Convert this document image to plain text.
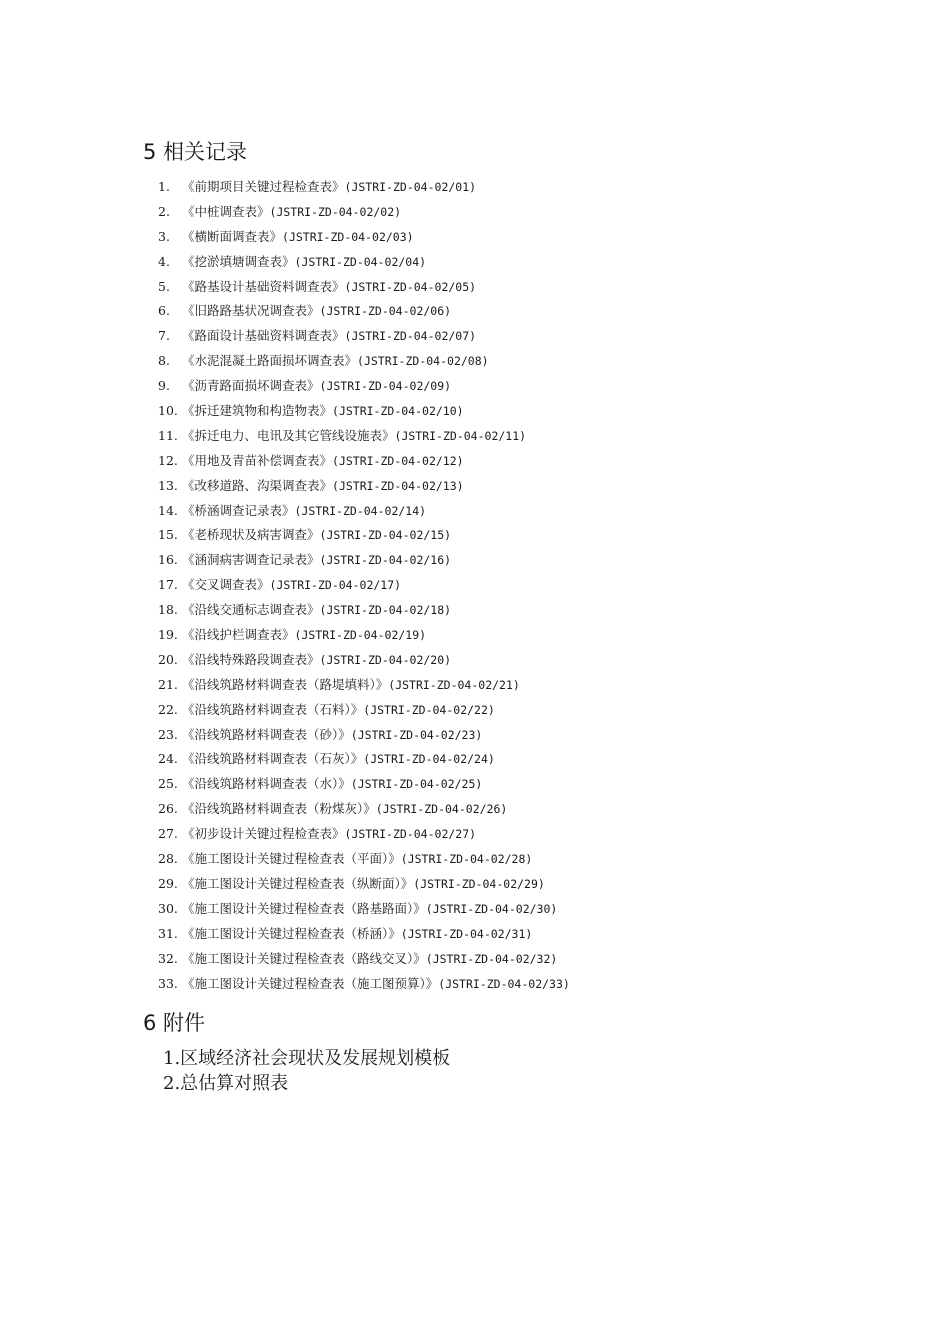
5 相关记录
1. 《前期项目关键过程检查表》(JSTRI-ZD-04-02/01)
2. 《中桩调查表》(JSTRI-ZD-04-02/02)
3. 《横断面调查表》(JSTRI-ZD-04-02/03)
4. 《挖淤填塘调查表》(JSTRI-ZD-04-02/04)
5. 《路基设计基础资料调查表》(JSTRI-ZD-04-02/05)
6. 《旧路路基状况调查表》(JSTRI-ZD-04-02/06)
7. 《路面设计基础资料调查表》(JSTRI-ZD-04-02/07)
8. 《水泥混凝土路面损坏调查表》(JSTRI-ZD-04-02/08)
9. 《沥青路面损坏调查表》(JSTRI-ZD-04-02/09)
10. 《拆迁建筑物和构造物表》(JSTRI-ZD-04-02/10)
11. 《拆迁电力、电讯及其它管线设施表》(JSTRI-ZD-04-02/11)
12. 《用地及青苗补偿调查表》(JSTRI-ZD-04-02/12)
13. 《改移道路、沟渠调查表》(JSTRI-ZD-04-02/13)
14. 《桥涵调查记录表》(JSTRI-ZD-04-02/14)
15. 《老桥现状及病害调查》(JSTRI-ZD-04-02/15)
16. 《涵洞病害调查记录表》(JSTRI-ZD-04-02/16)
17. 《交叉调查表》(JSTRI-ZD-04-02/17)
18. 《沿线交通标志调查表》(JSTRI-ZD-04-02/18)
19. 《沿线护栏调查表》(JSTRI-ZD-04-02/19)
20. 《沿线特殊路段调查表》(JSTRI-ZD-04-02/20)
21. 《沿线筑路材料调查表（路堤填料）》(JSTRI-ZD-04-02/21)
22. 《沿线筑路材料调查表（石料）》(JSTRI-ZD-04-02/22)
23. 《沿线筑路材料调查表（砂）》(JSTRI-ZD-04-02/23)
24. 《沿线筑路材料调查表（石灰）》(JSTRI-ZD-04-02/24)
25. 《沿线筑路材料调查表（水）》(JSTRI-ZD-04-02/25)
26. 《沿线筑路材料调查表（粉煤灰）》(JSTRI-ZD-04-02/26)
27. 《初步设计关键过程检查表》(JSTRI-ZD-04-02/27)
28. 《施工图设计关键过程检查表（平面）》(JSTRI-ZD-04-02/28)
29. 《施工图设计关键过程检查表（纵断面）》(JSTRI-ZD-04-02/29)
30. 《施工图设计关键过程检查表（路基路面）》(JSTRI-ZD-04-02/30)
31. 《施工图设计关键过程检查表（桥涵）》(JSTRI-ZD-04-02/31)
32. 《施工图设计关键过程检查表（路线交叉）》(JSTRI-ZD-04-02/32)
33. 《施工图设计关键过程检查表（施工图预算）》(JSTRI-ZD-04-02/33)
6 附件
1.区域经济社会现状及发展规划模板
2.总估算对照表
